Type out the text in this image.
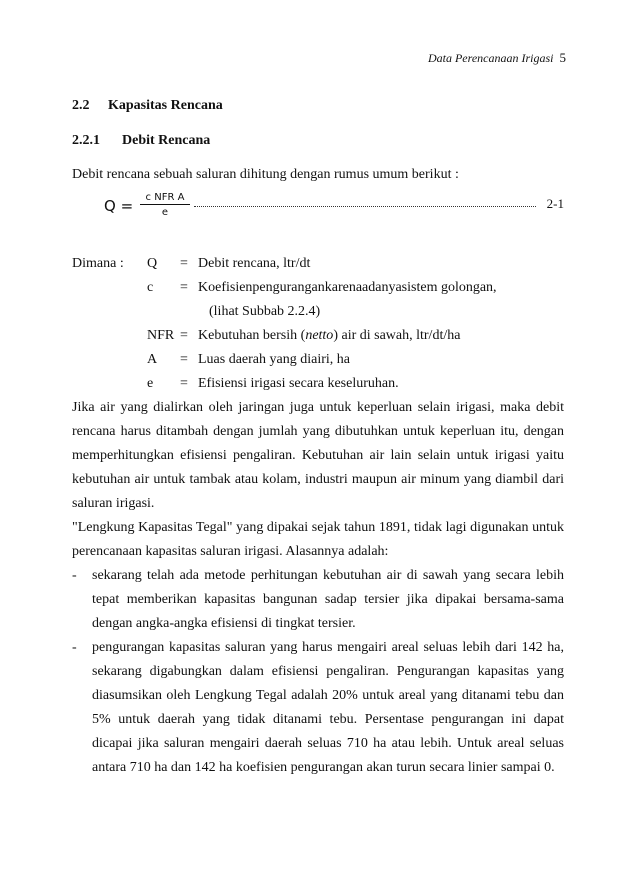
Data Perencanaan Irigasi 5
2.2 Kapasitas Rencana
2.2.1 Debit Rencana
Debit rencana sebuah saluran dihitung dengan rumus umum berikut :
Q =	c NFR A
e
2-1
Dimana : Q = Debit rencana, ltr/dt
c = Koefisienpengurangankarenaadanyasistem golongan,
(lihat Subbab 2.2.4)
NFR = Kebutuhan bersih (netto) air di sawah, ltr/dt/ha
A = Luas daerah yang diairi, ha
e = Efisiensi irigasi secara keseluruhan.

Jika air yang dialirkan oleh jaringan juga untuk keperluan selain irigasi, maka debit rencana harus ditambah dengan jumlah yang dibutuhkan untuk keperluan itu, dengan memperhitungkan efisiensi pengaliran. Kebutuhan air lain selain untuk irigasi yaitu kebutuhan air untuk tambak atau kolam, industri maupun air minum yang diambil dari saluran irigasi.

"Lengkung Kapasitas Tegal" yang dipakai sejak tahun 1891, tidak lagi digunakan untuk perencanaan kapasitas saluran irigasi. Alasannya adalah:

- sekarang telah ada metode perhitungan kebutuhan air di sawah yang secara lebih tepat memberikan kapasitas bangunan sadap tersier jika dipakai bersama-sama dengan angka-angka efisiensi di tingkat tersier.

- pengurangan kapasitas saluran yang harus mengairi areal seluas lebih dari 142 ha, sekarang digabungkan dalam efisiensi pengaliran. Pengurangan kapasitas yang diasumsikan oleh Lengkung Tegal adalah 20% untuk areal yang ditanami tebu dan 5% untuk daerah yang tidak ditanami tebu. Persentase pengurangan ini dapat dicapai jika saluran mengairi daerah seluas 710 ha atau lebih. Untuk areal seluas antara 710 ha dan 142 ha koefisien pengurangan akan turun secara linier sampai 0.
